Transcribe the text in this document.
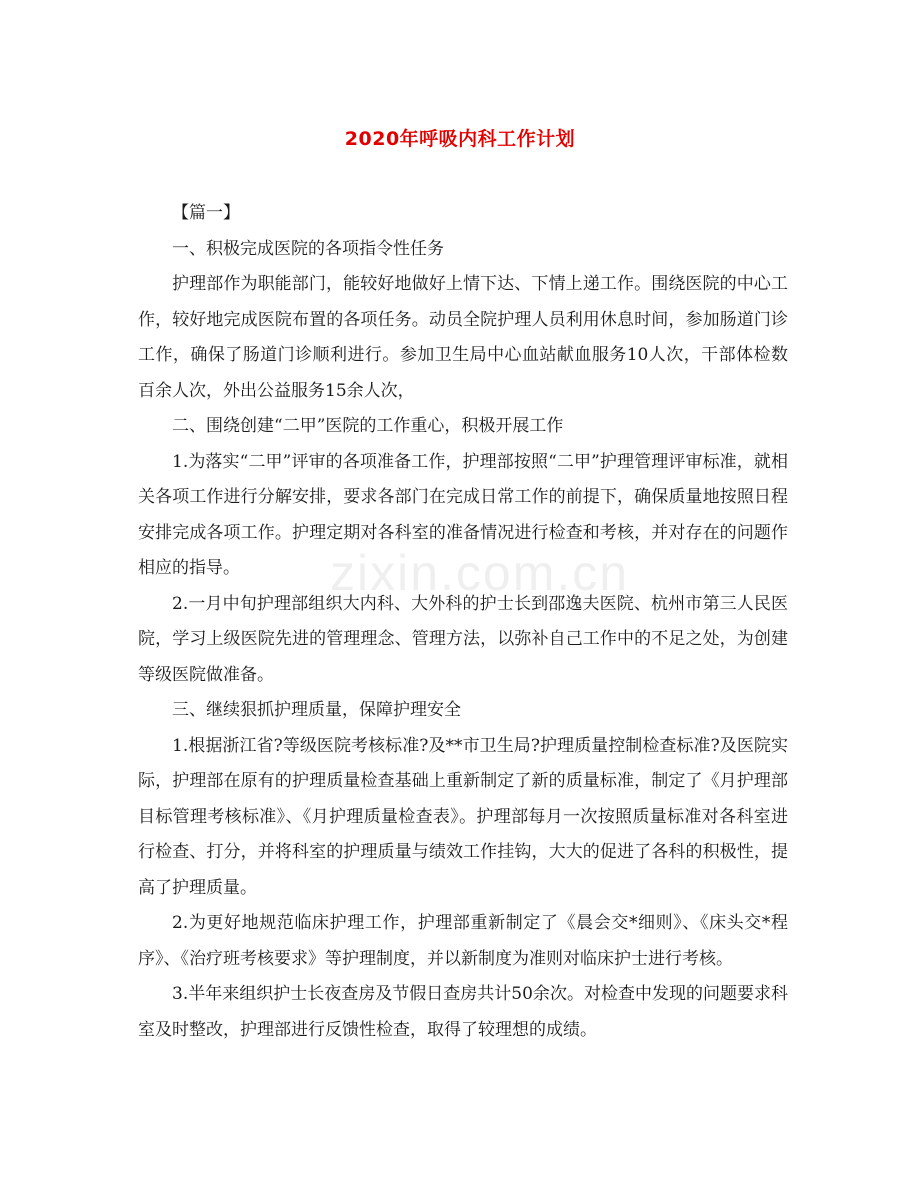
2020年呼吸内科工作计划
zixin.com.cn

【篇一】

一、积极完成医院的各项指令性任务

护理部作为职能部门，能较好地做好上情下达、下情上递工作。围绕医院的中心工作，较好地完成医院布置的各项任务。动员全院护理人员利用休息时间，参加肠道门诊工作，确保了肠道门诊顺利进行。参加卫生局中心血站献血服务10人次，干部体检数百余人次，外出公益服务15余人次，

二、围绕创建“二甲”医院的工作重心，积极开展工作

1.为落实“二甲”评审的各项准备工作，护理部按照“二甲”护理管理评审标准，就相关各项工作进行分解安排，要求各部门在完成日常工作的前提下，确保质量地按照日程安排完成各项工作。护理定期对各科室的准备情况进行检查和考核，并对存在的问题作相应的指导。

2.一月中旬护理部组织大内科、大外科的护士长到邵逸夫医院、杭州市第三人民医院，学习上级医院先进的管理理念、管理方法，以弥补自己工作中的不足之处，为创建等级医院做准备。

三、继续狠抓护理质量，保障护理安全

1.根据浙江省?等级医院考核标准?及**市卫生局?护理质量控制检查标准?及医院实际，护理部在原有的护理质量检查基础上重新制定了新的质量标准，制定了《月护理部目标管理考核标准》、《月护理质量检查表》。护理部每月一次按照质量标准对各科室进行检查、打分，并将科室的护理质量与绩效工作挂钩，大大的促进了各科的积极性，提高了护理质量。

2.为更好地规范临床护理工作，护理部重新制定了《晨会交*细则》、《床头交*程序》、《治疗班考核要求》等护理制度，并以新制度为准则对临床护士进行考核。

3.半年来组织护士长夜查房及节假日查房共计50余次。对检查中发现的问题要求科室及时整改，护理部进行反馈性检查，取得了较理想的成绩。
